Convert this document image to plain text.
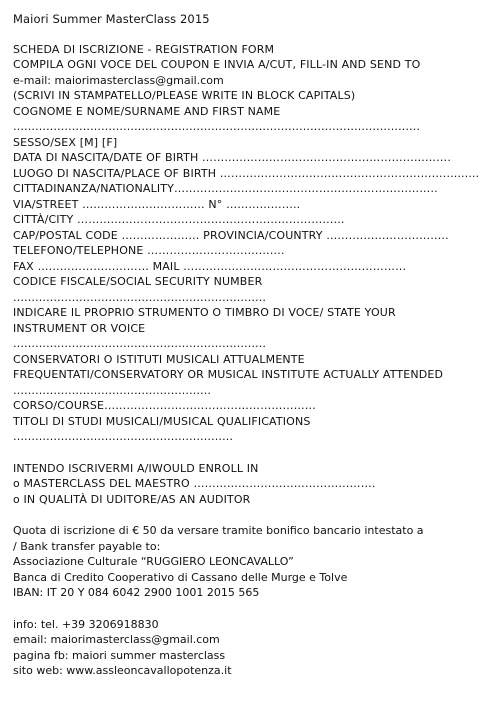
Maiori Summer MasterClass 2015
SCHEDA DI ISCRIZIONE - REGISTRATION FORM
COMPILA OGNI VOCE DEL COUPON E INVIA A/CUT, FILL-IN AND SEND TO
e-mail: maiorimasterclass@gmail.com
(SCRIVI IN STAMPATELLO/PLEASE WRITE IN BLOCK CAPITALS)
COGNOME E NOME/SURNAME AND FIRST NAME
…………………………………………………………………………………………………
SESSO/SEX [M] [F]
DATA DI NASCITA/DATE OF BIRTH ………………………………………………………….
LUOGO DI NASCITA/PLACE OF BIRTH ……………………………………………………..........
CITTADINANZA/NATIONALITY……………………………………………………………..
VIA/STREET …………………………… N° ………………..
CITTÀ/CITY ………………………………………………………………
CAP/POSTAL CODE ………………… PROVINCIA/COUNTRY …….……………………..
TELEFONO/TELEPHONE ……………………………….
FAX ………………………… MAIL ……………………………………………………
CODICE FISCALE/SOCIAL SECURITY NUMBER
……………………………………………………………
INDICARE IL PROPRIO STRUMENTO O TIMBRO DI VOCE/ STATE YOUR
INSTRUMENT OR VOICE
……………………………………………………………
CONSERVATORI O ISTITUTI MUSICALI ATTUALMENTE
FREQUENTATI/CONSERVATORY OR MUSICAL INSTITUTE ACTUALLY ATTENDED
………………………………………………
CORSO/COURSE…………………………………………………
TITOLI DI STUDI MUSICALI/MUSICAL QUALIFICATIONS
……………………………………………………
INTENDO ISCRIVERMI A/IWOULD ENROLL IN
o MASTERCLASS DEL MAESTRO ………………………………………….
o IN QUALITÀ DI UDITORE/AS AN AUDITOR
Quota di iscrizione di € 50 da versare tramite bonifico bancario intestato a
/ Bank transfer payable to:
Associazione Culturale “RUGGIERO LEONCAVALLO”
Banca di Credito Cooperativo di Cassano delle Murge e Tolve
IBAN: IT 20 Y 084 6042 2900 1001 2015 565
info: tel. +39 3206918830
email: maiorimasterclass@gmail.com
pagina fb: maiori summer masterclass
sito web: www.assleoncavallopotenza.it
